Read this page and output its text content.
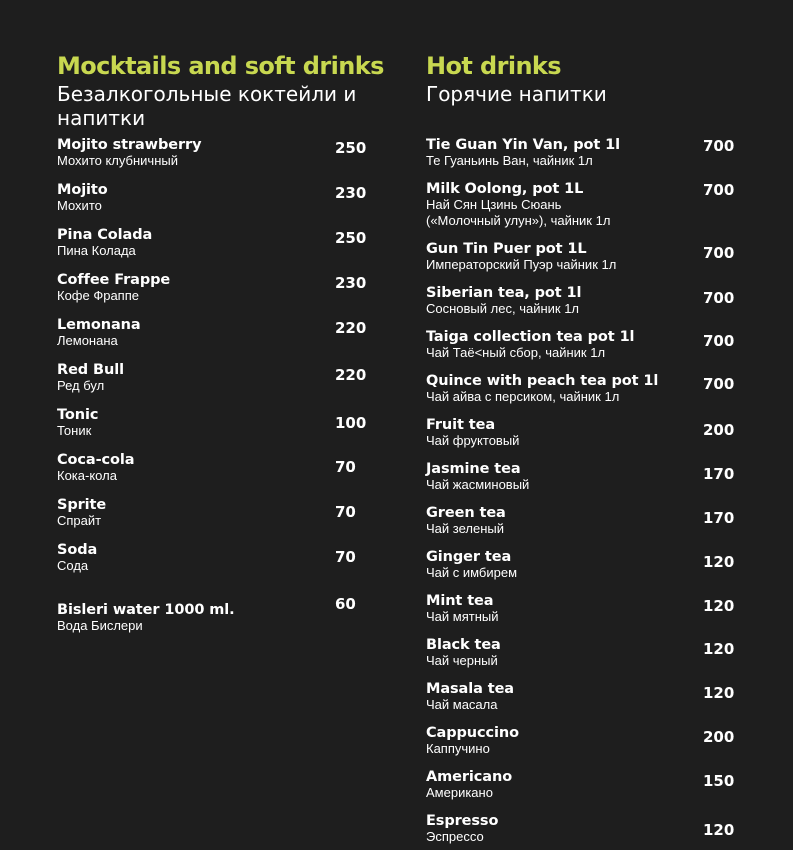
Mocktails and soft drinks
Безалкогольные коктейли и напитки
Mojito strawberry
Мохито клубничный
250
Mojito
Мохито
230
Pina Colada
Пина Колада
250
Coffee Frappe
Кофе Фраппе
230
Lemonana
Лемонана
220
Red Bull
Ред бул
220
Tonic
Тоник	100
Coca-cola
Кока-кола	70
Sprite
Спрайт	70
Soda
Сода	70
Bisleri water 1000 ml.
Вода Бислери
60
Hot drinks
Горячие напитки
Tie Guan Yin Van, pot 1l
Те Гуаньинь Ван, чайник 1л
700
Milk Oolong, pot 1L
Най Сян Цзинь Сюань
(«Молочный улун»), чайник 1л
700
Gun Tin Puer pot 1L
Императорский Пуэр чайник 1л
700
Siberian tea, pot 1l
Сосновый лес, чайник 1л
700
Taiga collection tea pot 1l
Чай Таё<ный сбор, чайник 1л
700
Quince with peach tea pot 1l
Чай айва с персиком, чайник 1л
700
Fruit tea
Чай фруктовый
200
Jasmine tea
Чай жасминовый
170
Green tea
Чай зеленый
170
Ginger tea
Чай с имбирем
120
Mint tea
Чай мятный
120
Black tea
Чай черный
120
Masala tea
Чай масала
120
Cappuccino
Каппучино
200
Americano
Американо
150
Espresso
Эспрессо	120
